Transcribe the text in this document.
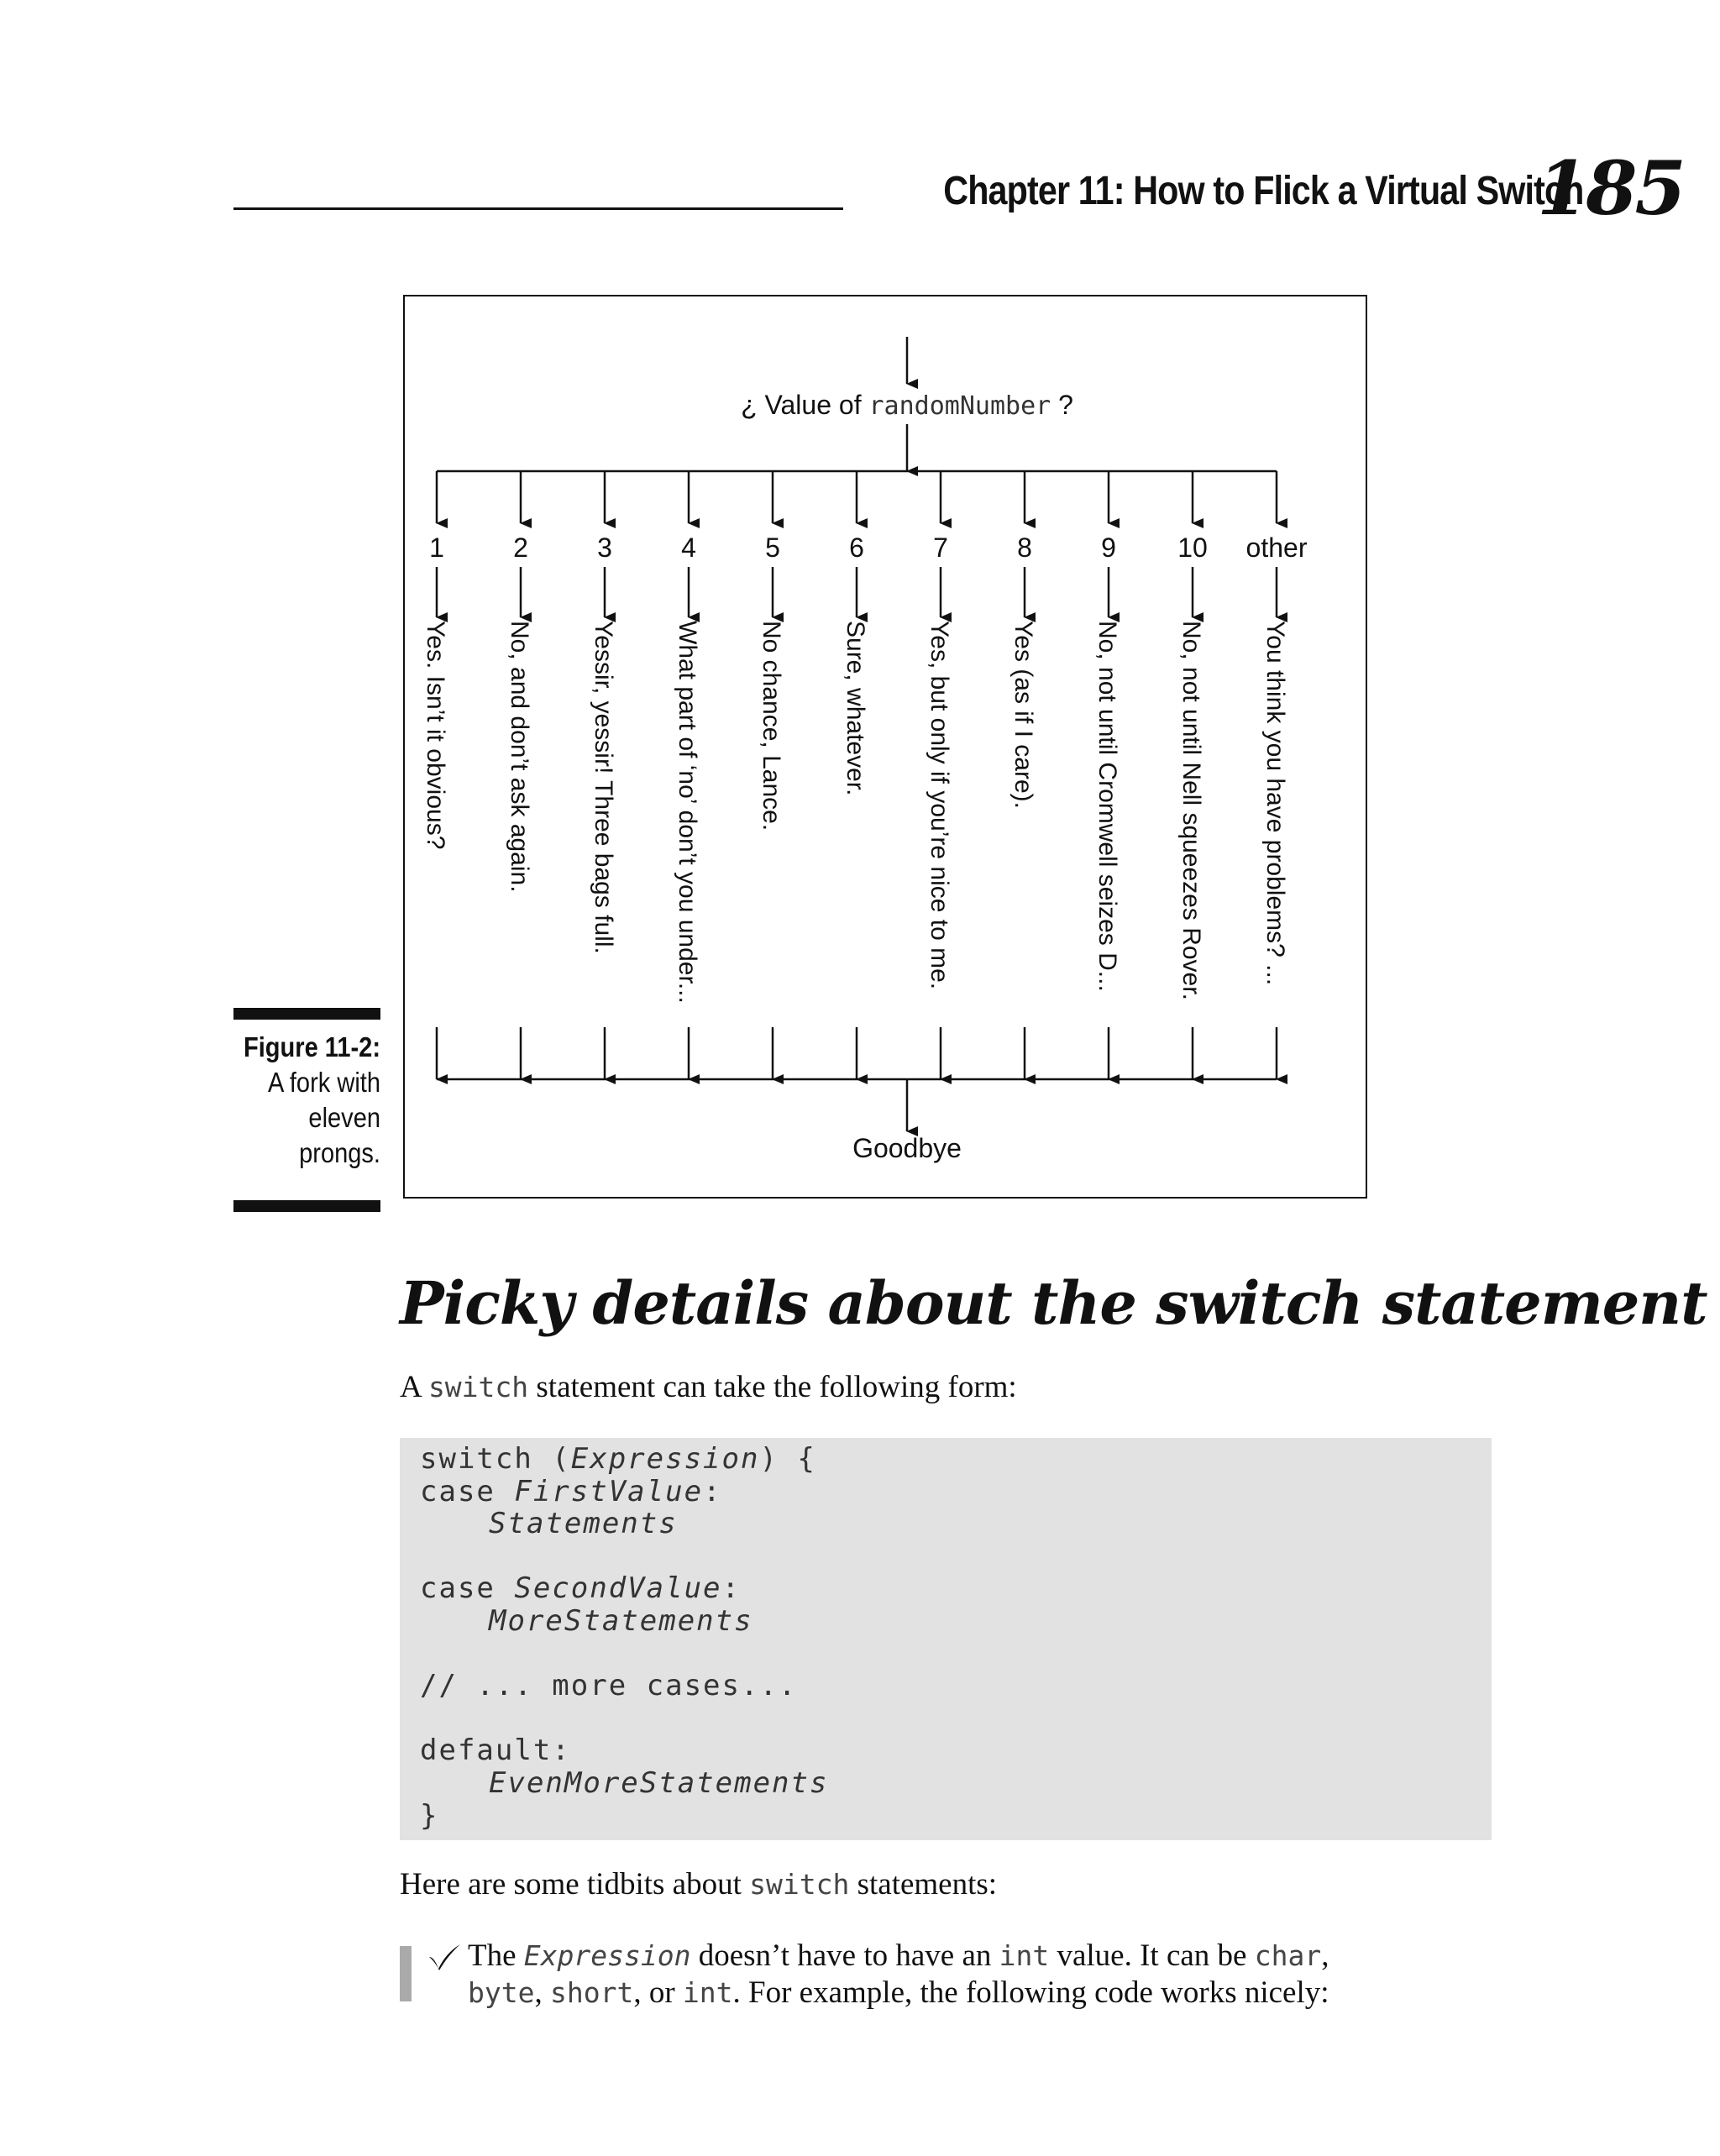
Chapter 11: How to Flick a Virtual Switch
185
Figure 11-2:
A fork with eleven prongs.
¿ Value of randomNumber ?
Goodbye
1
Yes. Isn’t it obvious?
2
No, and don’t ask again.
3
Yessir, yessir! Three bags full.
4
What part of ‘no’ don’t you under...
5
No chance, Lance.
6
Sure, whatever.
7
Yes, but only if you’re nice to me.
8
Yes (as if I care).
9
No, not until Cromwell seizes D...
10
No, not until Nell squeezes Rover.
other
You think you have problems? ...
Picky details about the switch statement
A switch statement can take the following form:
switch (Expression) {
case FirstValue:
Statements
case SecondValue:
MoreStatements
// ... more cases...
default:
EvenMoreStatements
}
Here are some tidbits about switch statements:
The Expression doesn’t have to have an int value. It can be char,
byte, short, or int. For example, the following code works nicely:
